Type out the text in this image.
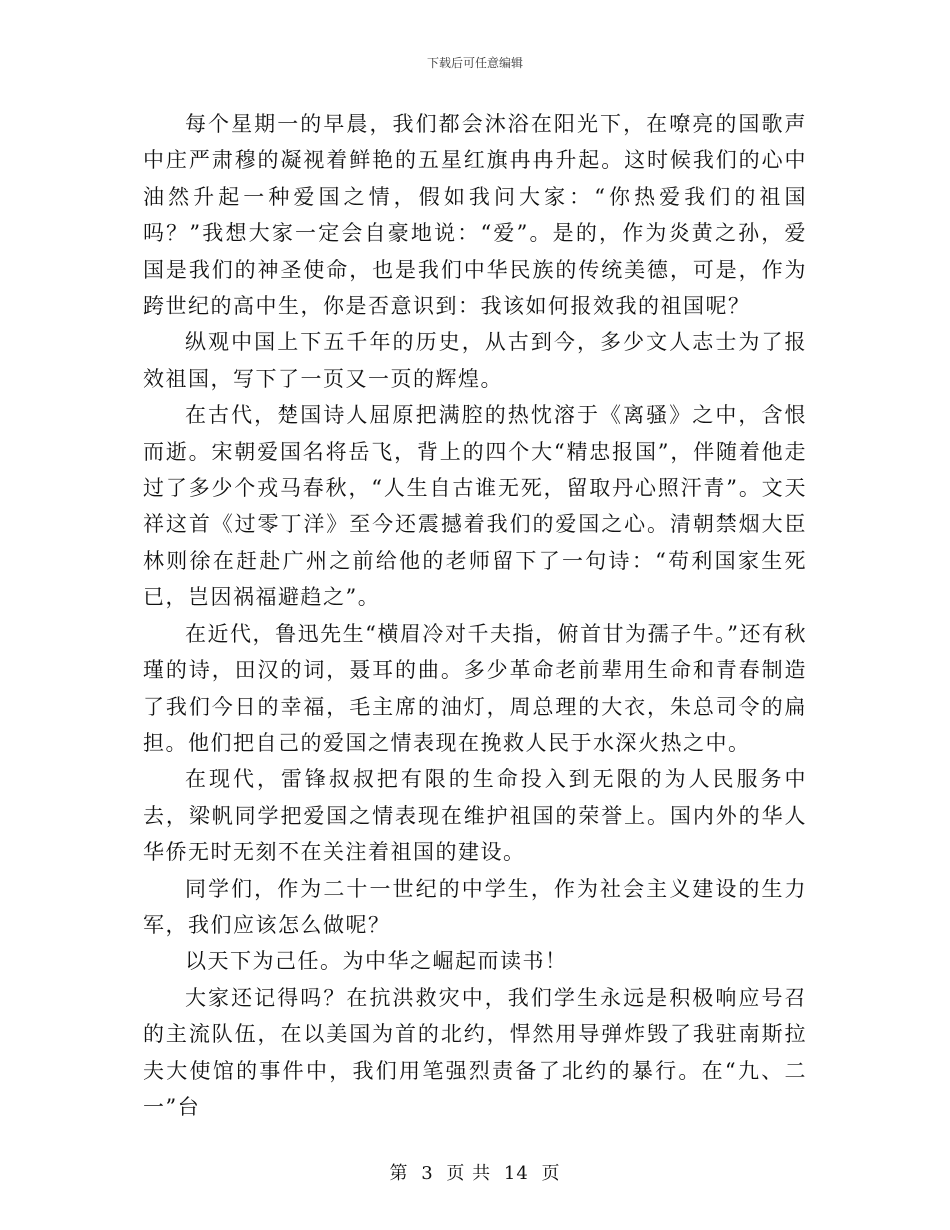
下载后可任意编辑

每个星期一的早晨，我们都会沐浴在阳光下，在嘹亮的国歌声中庄严肃穆的凝视着鲜艳的五星红旗冉冉升起。这时候我们的心中油然升起一种爱国之情，假如我问大家：“你热爱我们的祖国吗？”我想大家一定会自豪地说：“爱”。是的，作为炎黄之孙，爱国是我们的神圣使命，也是我们中华民族的传统美德，可是，作为跨世纪的高中生，你是否意识到：我该如何报效我的祖国呢？

纵观中国上下五千年的历史，从古到今，多少文人志士为了报效祖国，写下了一页又一页的辉煌。

在古代，楚国诗人屈原把满腔的热忱溶于《离骚》之中，含恨而逝。宋朝爱国名将岳飞，背上的四个大“精忠报国”，伴随着他走过了多少个戎马春秋，“人生自古谁无死，留取丹心照汗青”。文天祥这首《过零丁洋》至今还震撼着我们的爱国之心。清朝禁烟大臣林则徐在赶赴广州之前给他的老师留下了一句诗：“苟利国家生死已，岂因祸福避趋之”。

在近代，鲁迅先生“横眉冷对千夫指，俯首甘为孺子牛。”还有秋瑾的诗，田汉的词，聂耳的曲。多少革命老前辈用生命和青春制造了我们今日的幸福，毛主席的油灯，周总理的大衣，朱总司令的扁担。他们把自己的爱国之情表现在挽救人民于水深火热之中。

在现代，雷锋叔叔把有限的生命投入到无限的为人民服务中去，梁帆同学把爱国之情表现在维护祖国的荣誉上。国内外的华人华侨无时无刻不在关注着祖国的建设。

同学们，作为二十一世纪的中学生，作为社会主义建设的生力军，我们应该怎么做呢？

以天下为己任。为中华之崛起而读书！

大家还记得吗？在抗洪救灾中，我们学生永远是积极响应号召的主流队伍，在以美国为首的北约，悍然用导弹炸毁了我驻南斯拉夫大使馆的事件中，我们用笔强烈责备了北约的暴行。在“九、二一”台

第 3 页 共 14 页
